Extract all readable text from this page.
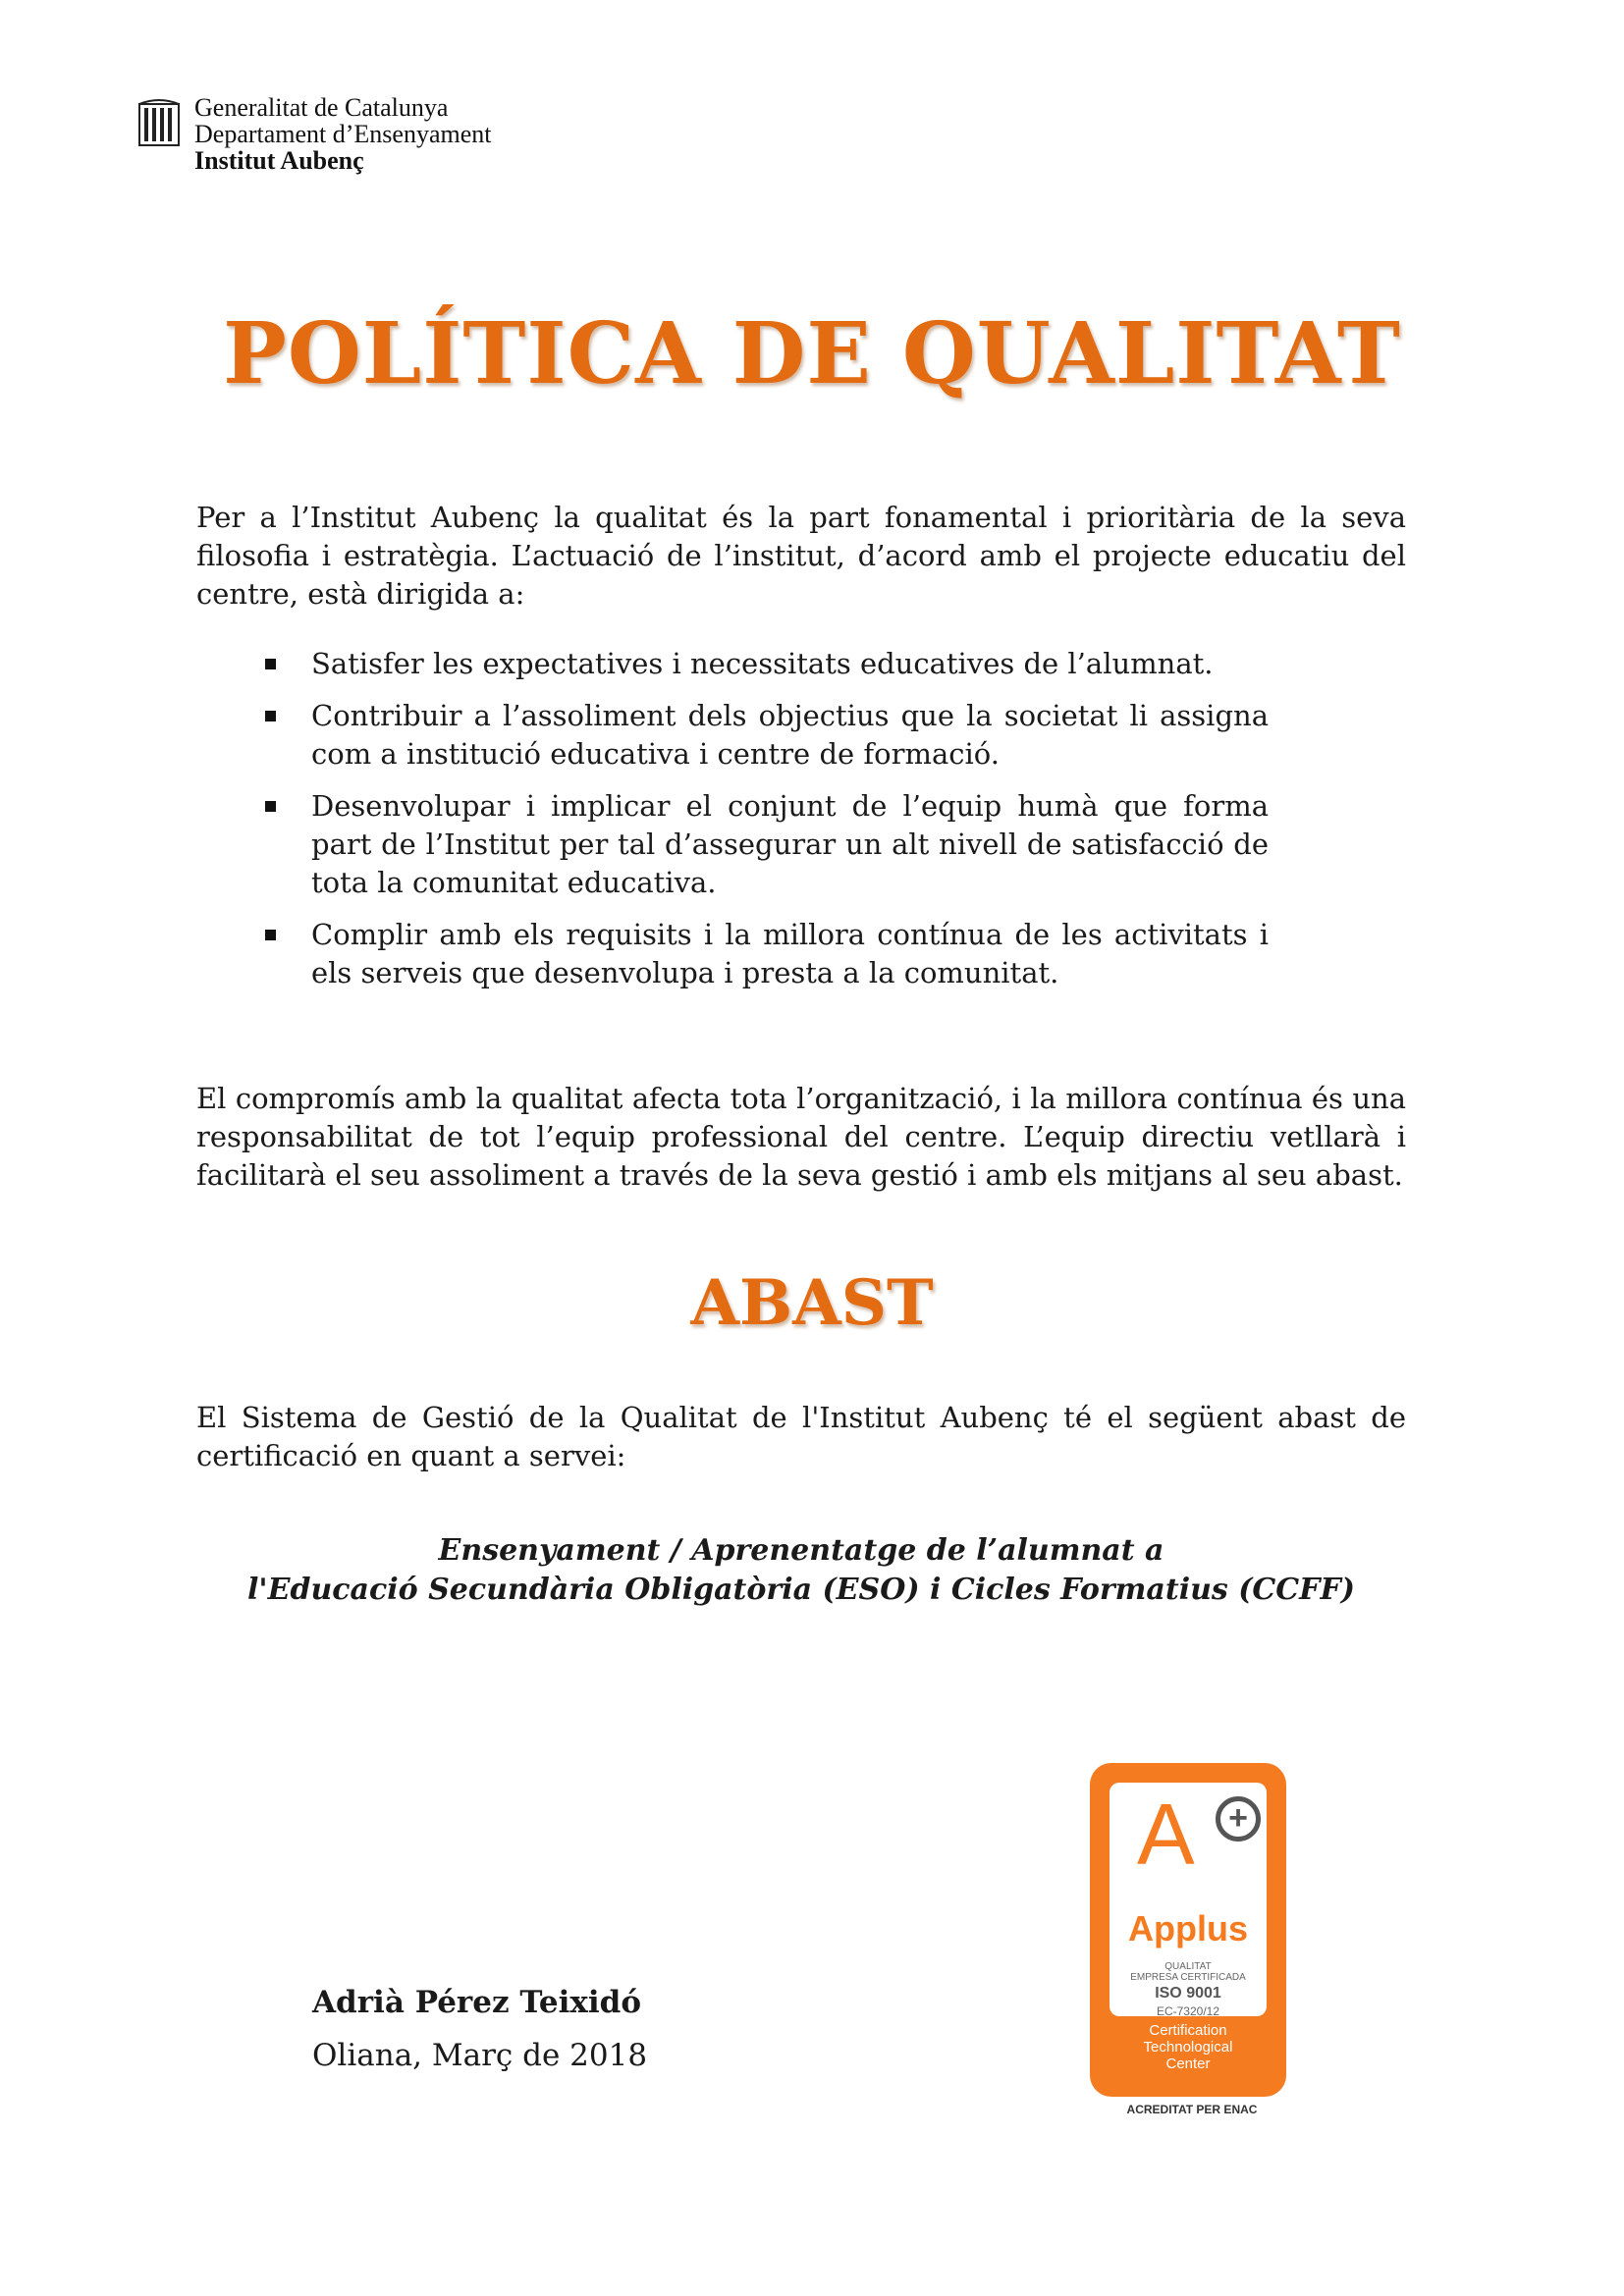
Generalitat de Catalunya
Departament d’Ensenyament
Institut Aubenç
POLÍTICA DE QUALITAT
Per a l’Institut Aubenç la qualitat és la part fonamental i prioritària de la seva filosofia i estratègia. L’actuació de l’institut, d’acord amb el projecte educatiu del centre, està dirigida a:
Satisfer les expectatives i necessitats educatives de l’alumnat.
Contribuir a l’assoliment dels objectius que la societat li assigna com a institució educativa i centre de formació.
Desenvolupar i implicar el conjunt de l’equip humà que forma part de l’Institut per tal d’assegurar un alt nivell de satisfacció de tota la comunitat educativa.
Complir amb els requisits i la millora contínua de les activitats i els serveis que desenvolupa i presta a la comunitat.
El compromís amb la qualitat afecta tota l’organització, i la millora contínua és una responsabilitat de tot l’equip professional del centre. L’equip directiu vetllarà i facilitarà el seu assoliment a través de la seva gestió i amb els mitjans al seu abast.
ABAST
El Sistema de Gestió de la Qualitat de l'Institut Aubenç té el següent abast de certificació en quant a servei:
Ensenyament / Aprenentatge de l’alumnat a
l'Educació Secundària Obligatòria (ESO) i Cicles Formatius (CCFF)
Adrià Pérez Teixidó
Oliana, Març de 2018
A	+
Applus
QUALITAT
EMPRESA CERTIFICADA
ISO 9001
EC-7320/12
Certification
Technological
Center
ACREDITAT PER ENAC
